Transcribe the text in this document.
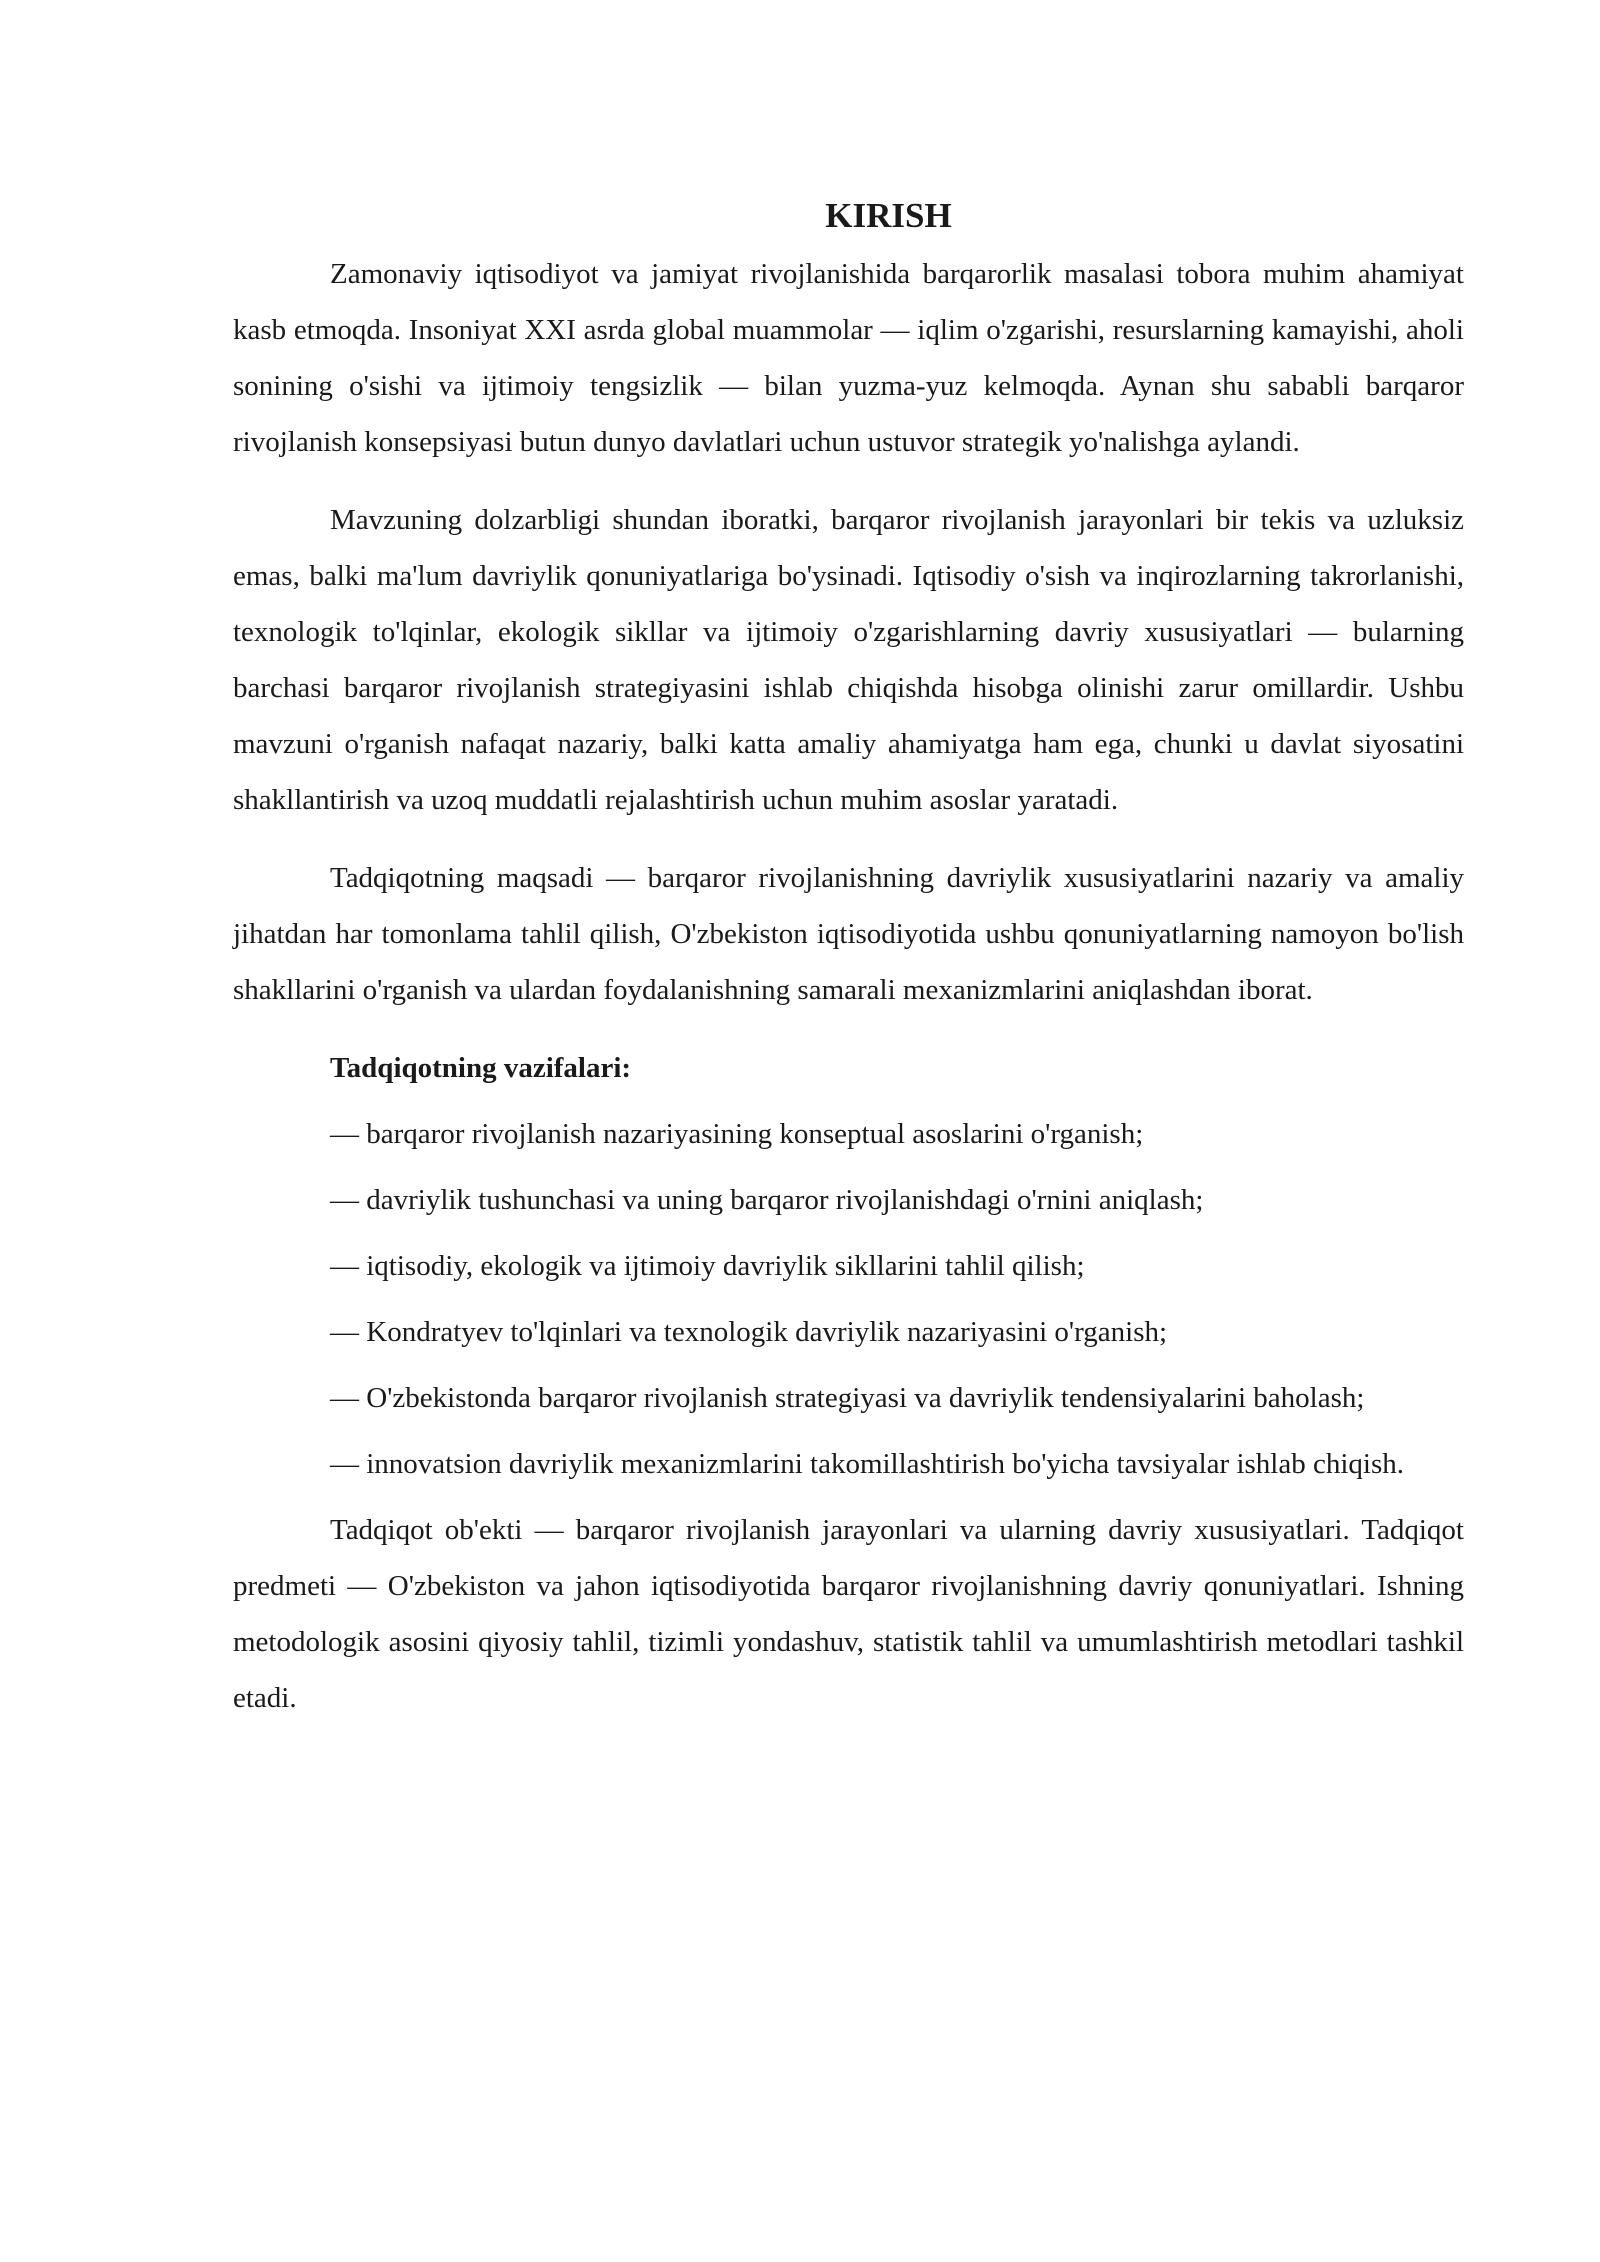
KIRISH

Zamonaviy iqtisodiyot va jamiyat rivojlanishida barqarorlik masalasi tobora muhim ahamiyat kasb etmoqda. Insoniyat XXI asrda global muammolar — iqlim o'zgarishi, resurslarning kamayishi, aholi sonining o'sishi va ijtimoiy tengsizlik — bilan yuzma-yuz kelmoqda. Aynan shu sababli barqaror rivojlanish konsepsiyasi butun dunyo davlatlari uchun ustuvor strategik yo'nalishga aylandi.

Mavzuning dolzarbligi shundan iboratki, barqaror rivojlanish jarayonlari bir tekis va uzluksiz emas, balki ma'lum davriylik qonuniyatlariga bo'ysinadi. Iqtisodiy o'sish va inqirozlarning takrorlanishi, texnologik to'lqinlar, ekologik sikllar va ijtimoiy o'zgarishlarning davriy xususiyatlari — bularning barchasi barqaror rivojlanish strategiyasini ishlab chiqishda hisobga olinishi zarur omillardir. Ushbu mavzuni o'rganish nafaqat nazariy, balki katta amaliy ahamiyatga ham ega, chunki u davlat siyosatini shakllantirish va uzoq muddatli rejalashtirish uchun muhim asoslar yaratadi.

Tadqiqotning maqsadi — barqaror rivojlanishning davriylik xususiyatlarini nazariy va amaliy jihatdan har tomonlama tahlil qilish, O'zbekiston iqtisodiyotida ushbu qonuniyatlarning namoyon bo'lish shakllarini o'rganish va ulardan foydalanishning samarali mexanizmlarini aniqlashdan iborat.

Tadqiqotning vazifalari:
— barqaror rivojlanish nazariyasining konseptual asoslarini o'rganish;
— davriylik tushunchasi va uning barqaror rivojlanishdagi o'rnini aniqlash;
— iqtisodiy, ekologik va ijtimoiy davriylik sikllarini tahlil qilish;
— Kondratyev to'lqinlari va texnologik davriylik nazariyasini o'rganish;
— O'zbekistonda barqaror rivojlanish strategiyasi va davriylik tendensiyalarini baholash;
— innovatsion davriylik mexanizmlarini takomillashtirish bo'yicha tavsiyalar ishlab chiqish.

Tadqiqot ob'ekti — barqaror rivojlanish jarayonlari va ularning davriy xususiyatlari. Tadqiqot predmeti — O'zbekiston va jahon iqtisodiyotida barqaror rivojlanishning davriy qonuniyatlari. Ishning metodologik asosini qiyosiy tahlil, tizimli yondashuv, statistik tahlil va umumlashtirish metodlari tashkil etadi.
